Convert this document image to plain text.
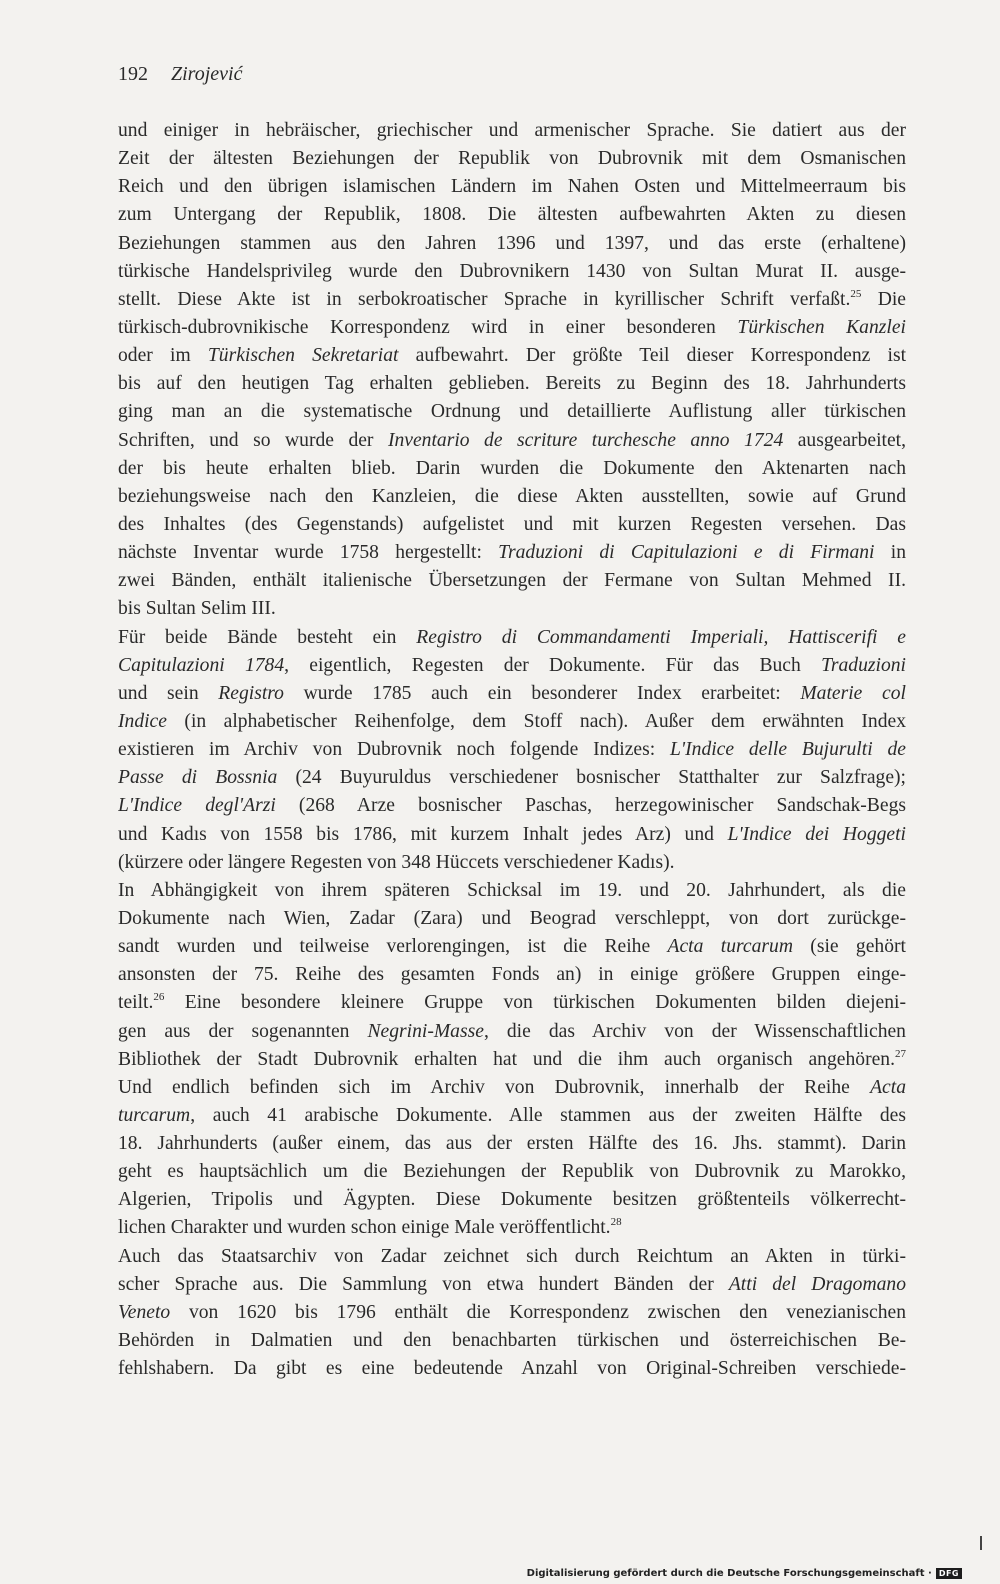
192 Zirojević
und einiger in hebräischer, griechischer und armenischer Sprache. Sie datiert aus der
Zeit der ältesten Beziehungen der Republik von Dubrovnik mit dem Osmanischen
Reich und den übrigen islamischen Ländern im Nahen Osten und Mittelmeerraum bis
zum Untergang der Republik, 1808. Die ältesten aufbewahrten Akten zu diesen
Beziehungen stammen aus den Jahren 1396 und 1397, und das erste (erhaltene)
türkische Handelsprivileg wurde den Dubrovnikern 1430 von Sultan Murat II. ausge-
stellt. Diese Akte ist in serbokroatischer Sprache in kyrillischer Schrift verfaßt.$^{25}$ Die
türkisch-dubrovnikische Korrespondenz wird in einer besonderen Türkischen Kanzlei
oder im Türkischen Sekretariat aufbewahrt. Der größte Teil dieser Korrespondenz ist
bis auf den heutigen Tag erhalten geblieben. Bereits zu Beginn des 18. Jahrhunderts
ging man an die systematische Ordnung und detaillierte Auflistung aller türkischen
Schriften, und so wurde der Inventario de scriture turchesche anno 1724 ausgearbeitet,
der bis heute erhalten blieb. Darin wurden die Dokumente den Aktenarten nach
beziehungsweise nach den Kanzleien, die diese Akten ausstellten, sowie auf Grund
des Inhaltes (des Gegenstands) aufgelistet und mit kurzen Regesten versehen. Das
nächste Inventar wurde 1758 hergestellt: Traduzioni di Capitulazioni e di Firmani in
zwei Bänden, enthält italienische Übersetzungen der Fermane von Sultan Mehmed II.
bis Sultan Selim III.
Für beide Bände besteht ein Registro di Commandamenti Imperiali, Hattiscerifi e
Capitulazioni 1784, eigentlich, Regesten der Dokumente. Für das Buch Traduzioni
und sein Registro wurde 1785 auch ein besonderer Index erarbeitet: Materie col
Indice (in alphabetischer Reihenfolge, dem Stoff nach). Außer dem erwähnten Index
existieren im Archiv von Dubrovnik noch folgende Indizes: L'Indice delle Bujurulti de
Passe di Bossnia (24 Buyuruldus verschiedener bosnischer Statthalter zur Salzfrage);
L'Indice degl'Arzi (268 Arze bosnischer Paschas, herzegowinischer Sandschak-Begs
und Kadıs von 1558 bis 1786, mit kurzem Inhalt jedes Arz) und L'Indice dei Hoggeti
(kürzere oder längere Regesten von 348 Hüccets verschiedener Kadıs).
In Abhängigkeit von ihrem späteren Schicksal im 19. und 20. Jahrhundert, als die
Dokumente nach Wien, Zadar (Zara) und Beograd verschleppt, von dort zurückge-
sandt wurden und teilweise verlorengingen, ist die Reihe Acta turcarum (sie gehört
ansonsten der 75. Reihe des gesamten Fonds an) in einige größere Gruppen einge-
teilt.$^{26}$ Eine besondere kleinere Gruppe von türkischen Dokumenten bilden diejeni-
gen aus der sogenannten Negrini-Masse, die das Archiv von der Wissenschaftlichen
Bibliothek der Stadt Dubrovnik erhalten hat und die ihm auch organisch angehören.$^{27}$
Und endlich befinden sich im Archiv von Dubrovnik, innerhalb der Reihe Acta
turcarum, auch 41 arabische Dokumente. Alle stammen aus der zweiten Hälfte des
18. Jahrhunderts (außer einem, das aus der ersten Hälfte des 16. Jhs. stammt). Darin
geht es hauptsächlich um die Beziehungen der Republik von Dubrovnik zu Marokko,
Algerien, Tripolis und Ägypten. Diese Dokumente besitzen größtenteils völkerrecht-
lichen Charakter und wurden schon einige Male veröffentlicht.$^{28}$
Auch das Staatsarchiv von Zadar zeichnet sich durch Reichtum an Akten in türki-
scher Sprache aus. Die Sammlung von etwa hundert Bänden der Atti del Dragomano
Veneto von 1620 bis 1796 enthält die Korrespondenz zwischen den venezianischen
Behörden in Dalmatien und den benachbarten türkischen und österreichischen Be-
fehlshabern. Da gibt es eine bedeutende Anzahl von Original-Schreiben verschiede-
Digitalisierung gefördert durch die Deutsche Forschungsgemeinschaft · DFG
